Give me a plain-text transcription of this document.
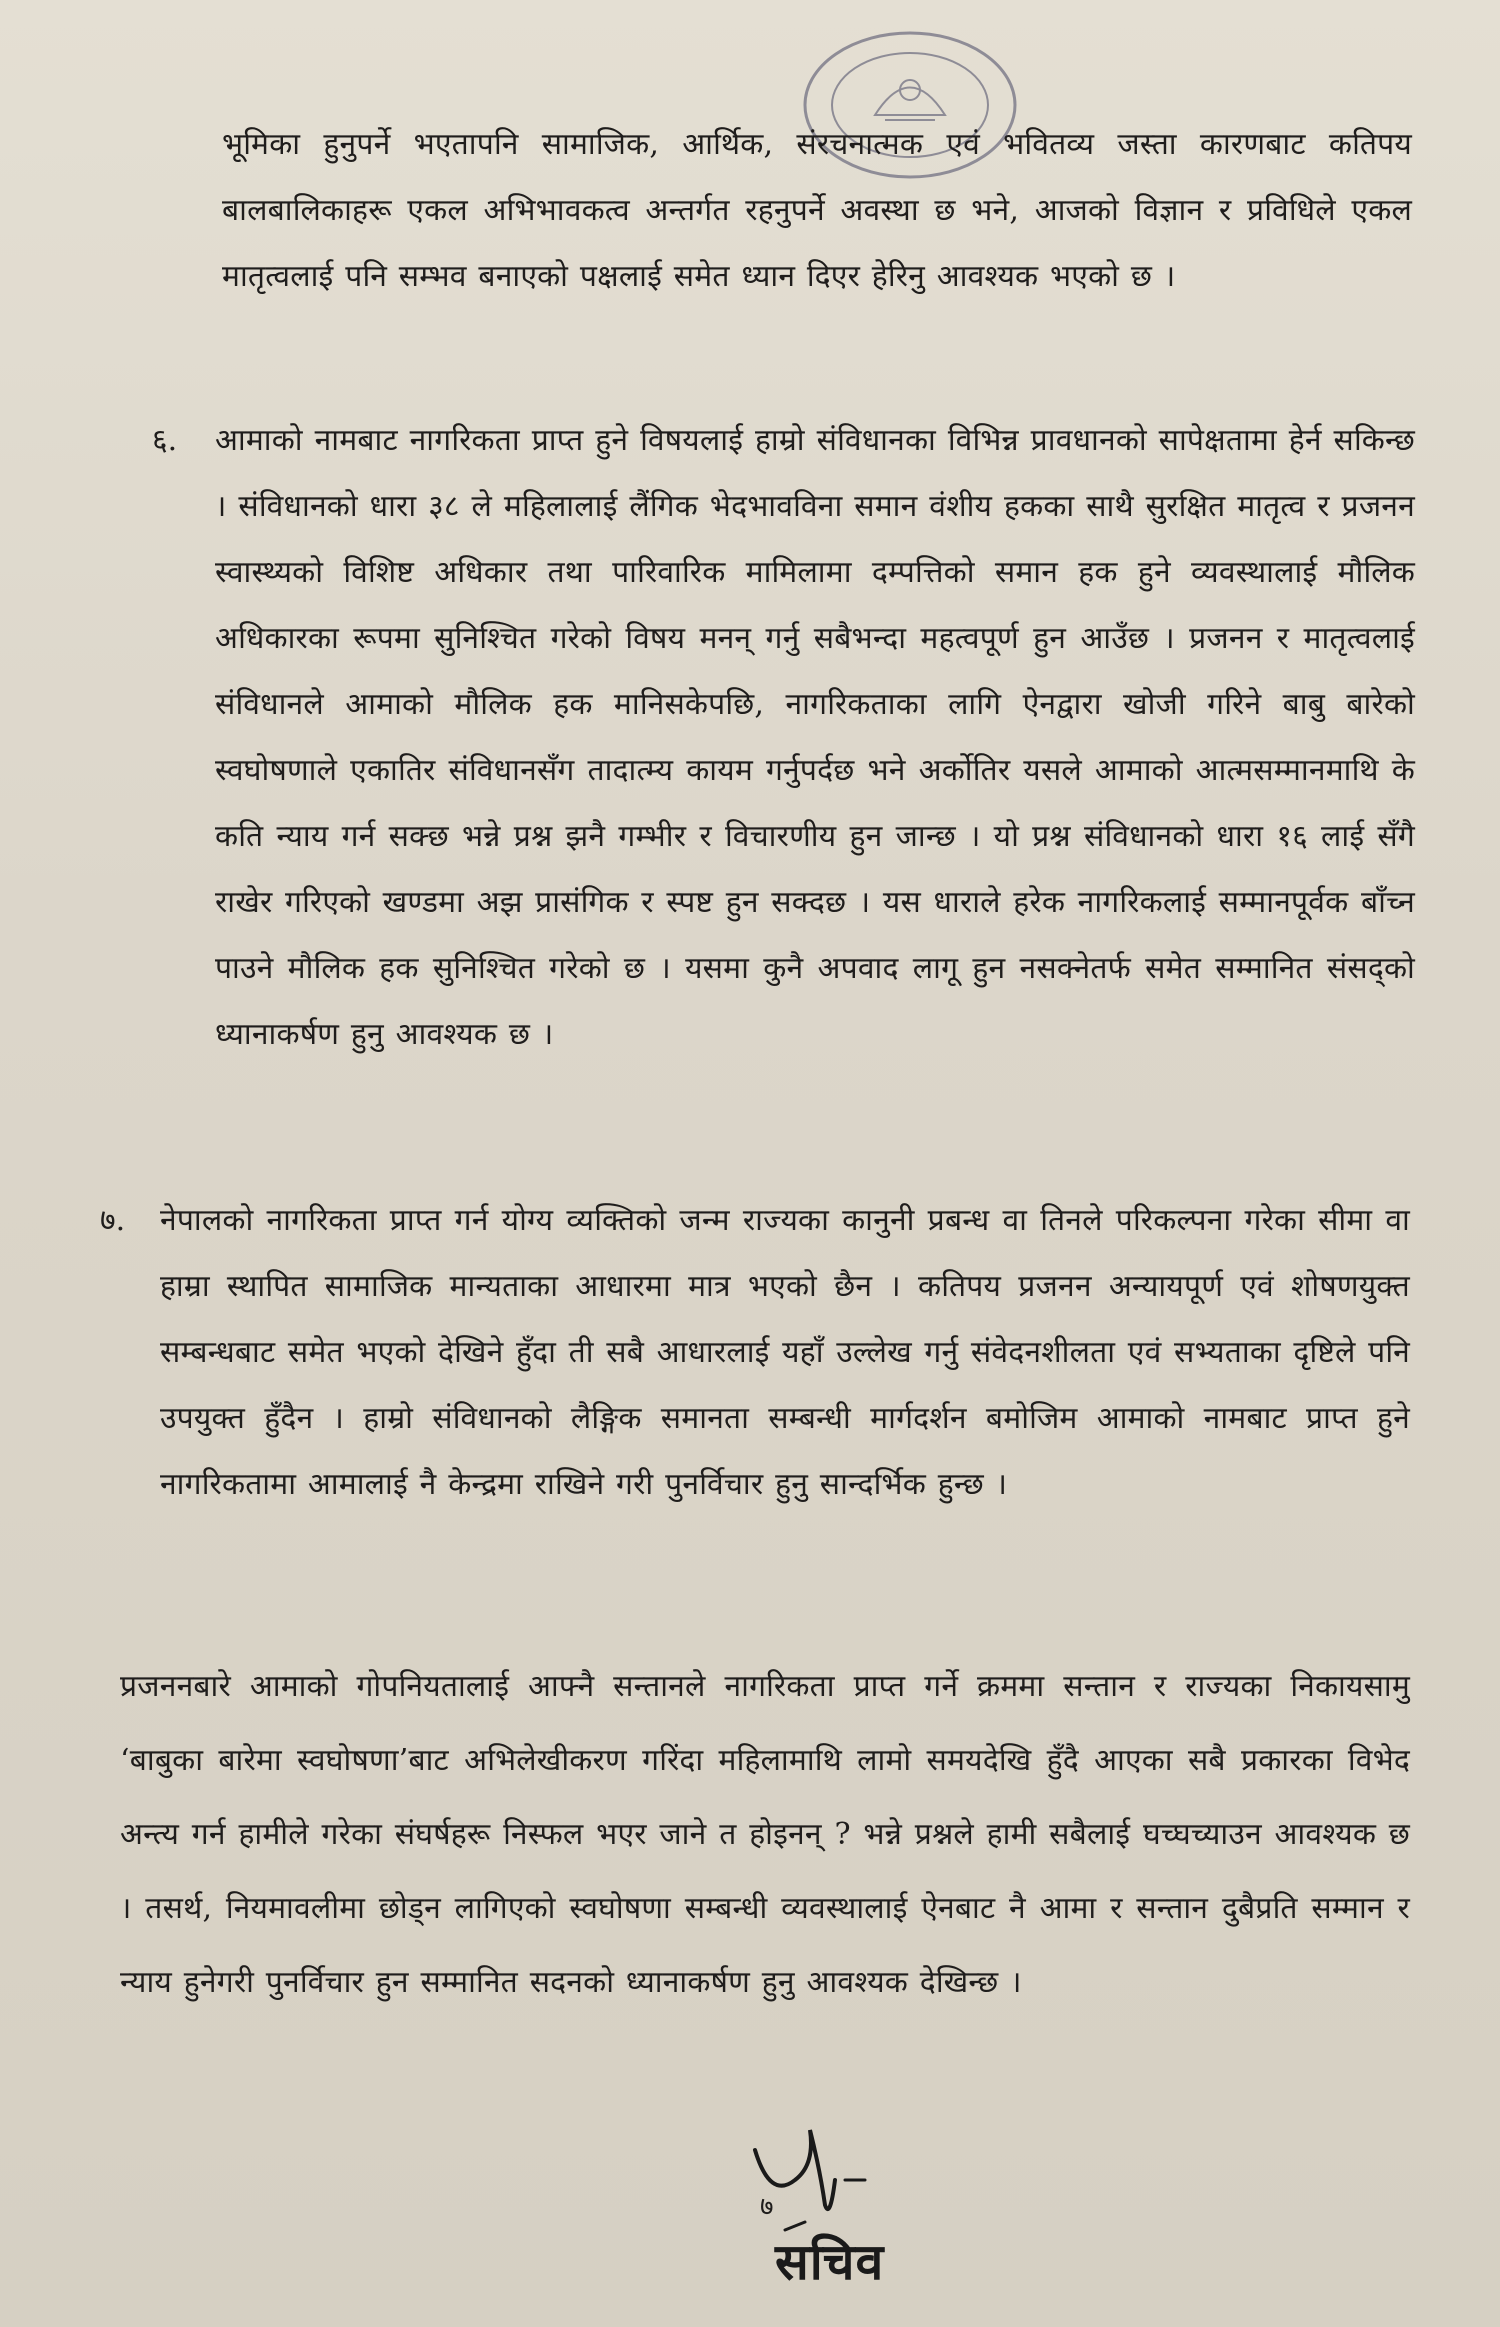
भूमिका हुनुपर्ने भएतापनि सामाजिक, आर्थिक, संरचनात्मक एवं भवितव्य जस्ता कारणबाट कतिपय बालबालिकाहरू एकल अभिभावकत्व अन्तर्गत रहनुपर्ने अवस्था छ भने, आजको विज्ञान र प्रविधिले एकल मातृत्वलाई पनि सम्भव बनाएको पक्षलाई समेत ध्यान दिएर हेरिनु आवश्यक भएको छ ।
६. आमाको नामबाट नागरिकता प्राप्त हुने विषयलाई हाम्रो संविधानका विभिन्न प्रावधानको सापेक्षतामा हेर्न सकिन्छ । संविधानको धारा ३८ ले महिलालाई लैंगिक भेदभावविना समान वंशीय हकका साथै सुरक्षित मातृत्व र प्रजनन स्वास्थ्यको विशिष्ट अधिकार तथा पारिवारिक मामिलामा दम्पत्तिको समान हक हुने व्यवस्थालाई मौलिक अधिकारका रूपमा सुनिश्चित गरेको विषय मनन् गर्नु सबैभन्दा महत्वपूर्ण हुन आउँछ । प्रजनन र मातृत्वलाई संविधानले आमाको मौलिक हक मानिसकेपछि, नागरिकताका लागि ऐनद्वारा खोजी गरिने बाबु बारेको स्वघोषणाले एकातिर संविधानसँग तादात्म्य कायम गर्नुपर्दछ भने अर्कोतिर यसले आमाको आत्मसम्मानमाथि के कति न्याय गर्न सक्छ भन्ने प्रश्न झनै गम्भीर र विचारणीय हुन जान्छ । यो प्रश्न संविधानको धारा १६ लाई सँगै राखेर गरिएको खण्डमा अझ प्रासंगिक र स्पष्ट हुन सक्दछ । यस धाराले हरेक नागरिकलाई सम्मानपूर्वक बाँच्न पाउने मौलिक हक सुनिश्चित गरेको छ । यसमा कुनै अपवाद लागू हुन नसक्नेतर्फ समेत सम्मानित संसद्को ध्यानाकर्षण हुनु आवश्यक छ ।
७. नेपालको नागरिकता प्राप्त गर्न योग्य व्यक्तिको जन्म राज्यका कानुनी प्रबन्ध वा तिनले परिकल्पना गरेका सीमा वा हाम्रा स्थापित सामाजिक मान्यताका आधारमा मात्र भएको छैन । कतिपय प्रजनन अन्यायपूर्ण एवं शोषणयुक्त सम्बन्धबाट समेत भएको देखिने हुँदा ती सबै आधारलाई यहाँ उल्लेख गर्नु संवेदनशीलता एवं सभ्यताका दृष्टिले पनि उपयुक्त हुँदैन । हाम्रो संविधानको लैङ्गिक समानता सम्बन्धी मार्गदर्शन बमोजिम आमाको नामबाट प्राप्त हुने नागरिकतामा आमालाई नै केन्द्रमा राखिने गरी पुनर्विचार हुनु सान्दर्भिक हुन्छ ।
प्रजननबारे आमाको गोपनियतालाई आफ्नै सन्तानले नागरिकता प्राप्त गर्ने क्रममा सन्तान र राज्यका निकायसामु ‘बाबुका बारेमा स्वघोषणा’बाट अभिलेखीकरण गरिंदा महिलामाथि लामो समयदेखि हुँदै आएका सबै प्रकारका विभेद अन्त्य गर्न हामीले गरेका संघर्षहरू निस्फल भएर जाने त होइनन् ? भन्ने प्रश्नले हामी सबैलाई घच्घच्याउन आवश्यक छ । तसर्थ, नियमावलीमा छोड्न लागिएको स्वघोषणा सम्बन्धी व्यवस्थालाई ऐनबाट नै आमा र सन्तान दुबैप्रति सम्मान र न्याय हुनेगरी पुनर्विचार हुन सम्मानित सदनको ध्यानाकर्षण हुनु आवश्यक देखिन्छ ।
७
सचिव
